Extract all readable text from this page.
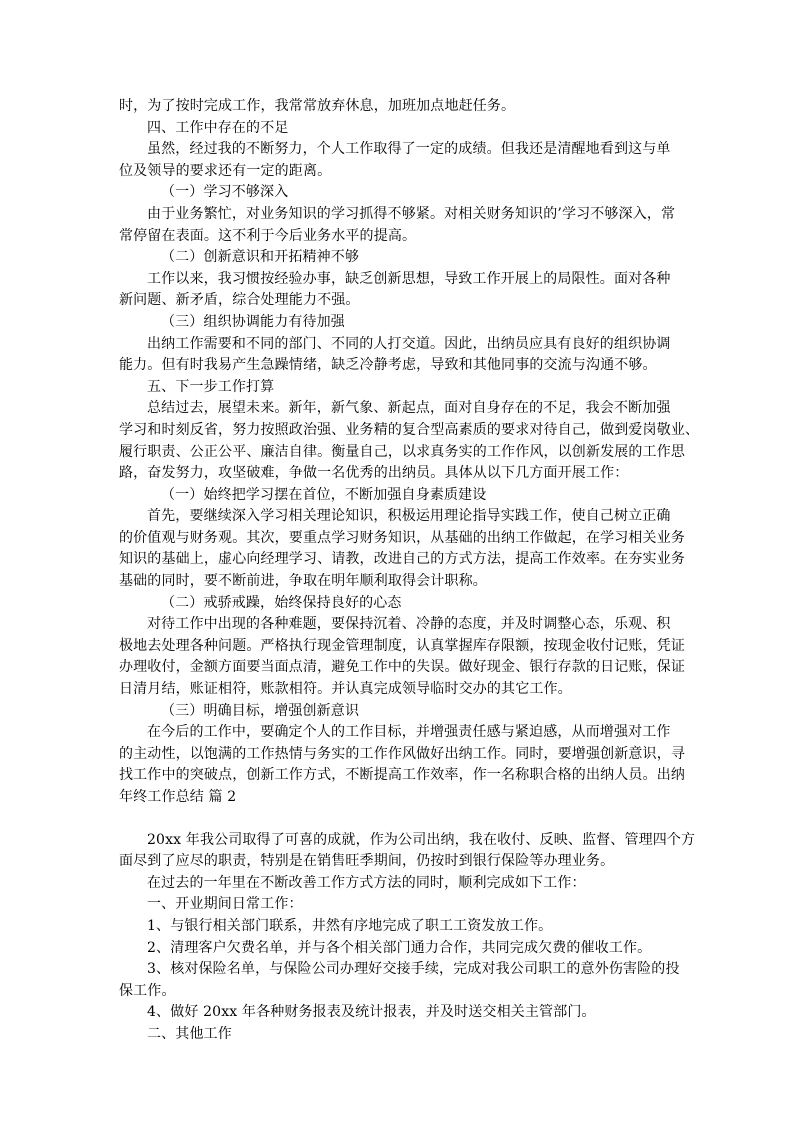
时，为了按时完成工作，我常常放弃休息，加班加点地赶任务。
四、工作中存在的不足
虽然，经过我的不断努力，个人工作取得了一定的成绩。但我还是清醒地看到这与单
位及领导的要求还有一定的距离。
（一）学习不够深入
由于业务繁忙，对业务知识的学习抓得不够紧。对相关财务知识的’学习不够深入，常
常停留在表面。这不利于今后业务水平的提高。
（二）创新意识和开拓精神不够
工作以来，我习惯按经验办事，缺乏创新思想，导致工作开展上的局限性。面对各种
新问题、新矛盾，综合处理能力不强。
（三）组织协调能力有待加强
出纳工作需要和不同的部门、不同的人打交道。因此，出纳员应具有良好的组织协调
能力。但有时我易产生急躁情绪，缺乏冷静考虑，导致和其他同事的交流与沟通不够。
五、下一步工作打算
总结过去，展望未来。新年，新气象、新起点，面对自身存在的不足，我会不断加强
学习和时刻反省，努力按照政治强、业务精的复合型高素质的要求对待自己，做到爱岗敬业、
履行职责、公正公平、廉洁自律。衡量自己，以求真务实的工作作风，以创新发展的工作思
路，奋发努力，攻坚破难，争做一名优秀的出纳员。具体从以下几方面开展工作：
（一）始终把学习摆在首位，不断加强自身素质建设
首先，要继续深入学习相关理论知识，积极运用理论指导实践工作，使自己树立正确
的价值观与财务观。其次，要重点学习财务知识，从基础的出纳工作做起，在学习相关业务
知识的基础上，虚心向经理学习、请教，改进自己的方式方法，提高工作效率。在夯实业务
基础的同时，要不断前进，争取在明年顺利取得会计职称。
（二）戒骄戒躁，始终保持良好的心态
对待工作中出现的各种难题，要保持沉着、冷静的态度，并及时调整心态，乐观、积
极地去处理各种问题。严格执行现金管理制度，认真掌握库存限额，按现金收付记账，凭证
办理收付，金额方面要当面点清，避免工作中的失误。做好现金、银行存款的日记账，保证
日清月结，账证相符，账款相符。并认真完成领导临时交办的其它工作。
（三）明确目标，增强创新意识
在今后的工作中，要确定个人的工作目标，并增强责任感与紧迫感，从而增强对工作
的主动性，以饱满的工作热情与务实的工作作风做好出纳工作。同时，要增强创新意识，寻
找工作中的突破点，创新工作方式，不断提高工作效率，作一名称职合格的出纳人员。出纳
年终工作总结 篇 2
20xx 年我公司取得了可喜的成就，作为公司出纳，我在收付、反映、监督、管理四个方
面尽到了应尽的职责，特别是在销售旺季期间，仍按时到银行保险等办理业务。
在过去的一年里在不断改善工作方式方法的同时，顺利完成如下工作：
一、开业期间日常工作：
1、与银行相关部门联系，井然有序地完成了职工工资发放工作。
2、清理客户欠费名单，并与各个相关部门通力合作，共同完成欠费的催收工作。
3、核对保险名单，与保险公司办理好交接手续，完成对我公司职工的意外伤害险的投
保工作。
4、做好 20xx 年各种财务报表及统计报表，并及时送交相关主管部门。
二、其他工作
